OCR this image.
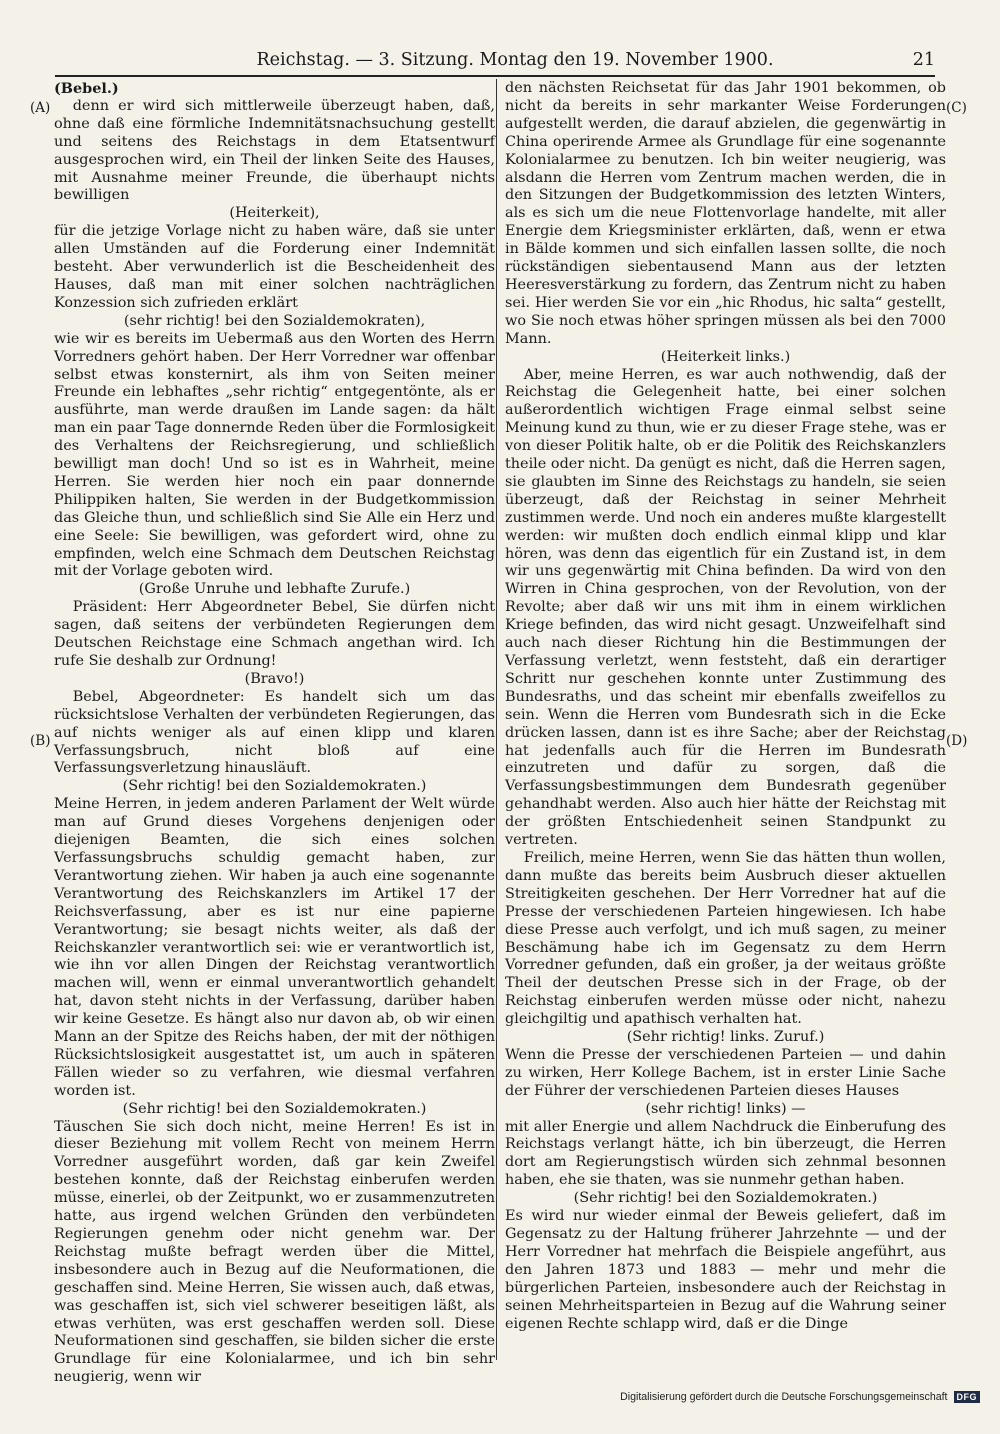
Reichstag. — 3. Sitzung. Montag den 19. November 1900.	21
(A)
(B)
(C)
(D)

(Bebel.)

denn er wird sich mittlerweile überzeugt haben, daß, ohne daß eine förmliche Indemnitätsnachsuchung gestellt und seitens des Reichstags in dem Etatsentwurf ausgesprochen wird, ein Theil der linken Seite des Hauses, mit Ausnahme meiner Freunde, die überhaupt nichts bewilligen

(Heiterkeit),

für die jetzige Vorlage nicht zu haben wäre, daß sie unter allen Umständen auf die Forderung einer Indemnität besteht. Aber verwunderlich ist die Bescheidenheit des Hauses, daß man mit einer solchen nachträglichen Konzession sich zufrieden erklärt

(sehr richtig! bei den Sozialdemokraten),

wie wir es bereits im Uebermaß aus den Worten des Herrn Vorredners gehört haben. Der Herr Vorredner war offenbar selbst etwas konsternirt, als ihm von Seiten meiner Freunde ein lebhaftes „sehr richtig“ entgegentönte, als er ausführte, man werde draußen im Lande sagen: da hält man ein paar Tage donnernde Reden über die Formlosigkeit des Verhaltens der Reichsregierung, und schließlich bewilligt man doch! Und so ist es in Wahrheit, meine Herren. Sie werden hier noch ein paar donnernde Philippiken halten, Sie werden in der Budgetkommission das Gleiche thun, und schließlich sind Sie Alle ein Herz und eine Seele: Sie bewilligen, was gefordert wird, ohne zu empfinden, welch eine Schmach dem Deutschen Reichstag mit der Vorlage geboten wird.

(Große Unruhe und lebhafte Zurufe.)

Präsident: Herr Abgeordneter Bebel, Sie dürfen nicht sagen, daß seitens der verbündeten Regierungen dem Deutschen Reichstage eine Schmach angethan wird. Ich rufe Sie deshalb zur Ordnung!

(Bravo!)

Bebel, Abgeordneter: Es handelt sich um das rücksichtslose Verhalten der verbündeten Regierungen, das auf nichts weniger als auf einen klipp und klaren Verfassungsbruch, nicht bloß auf eine Verfassungsverletzung hinausläuft.

(Sehr richtig! bei den Sozialdemokraten.)

Meine Herren, in jedem anderen Parlament der Welt würde man auf Grund dieses Vorgehens denjenigen oder diejenigen Beamten, die sich eines solchen Verfassungsbruchs schuldig gemacht haben, zur Verantwortung ziehen. Wir haben ja auch eine sogenannte Verantwortung des Reichskanzlers im Artikel 17 der Reichsverfassung, aber es ist nur eine papierne Verantwortung; sie besagt nichts weiter, als daß der Reichskanzler verantwortlich sei: wie er verantwortlich ist, wie ihn vor allen Dingen der Reichstag verantwortlich machen will, wenn er einmal unverantwortlich gehandelt hat, davon steht nichts in der Verfassung, darüber haben wir keine Gesetze. Es hängt also nur davon ab, ob wir einen Mann an der Spitze des Reichs haben, der mit der nöthigen Rücksichtslosigkeit ausgestattet ist, um auch in späteren Fällen wieder so zu verfahren, wie diesmal verfahren worden ist.

(Sehr richtig! bei den Sozialdemokraten.)

Täuschen Sie sich doch nicht, meine Herren! Es ist in dieser Beziehung mit vollem Recht von meinem Herrn Vorredner ausgeführt worden, daß gar kein Zweifel bestehen konnte, daß der Reichstag einberufen werden müsse, einerlei, ob der Zeitpunkt, wo er zusammenzutreten hatte, aus irgend welchen Gründen den verbündeten Regierungen genehm oder nicht genehm war. Der Reichstag mußte befragt werden über die Mittel, insbesondere auch in Bezug auf die Neuformationen, die geschaffen sind. Meine Herren, Sie wissen auch, daß etwas, was geschaffen ist, sich viel schwerer beseitigen läßt, als etwas verhüten, was erst geschaffen werden soll. Diese Neuformationen sind geschaffen, sie bilden sicher die erste Grundlage für eine Kolonialarmee, und ich bin sehr neugierig, wenn wir

den nächsten Reichsetat für das Jahr 1901 bekommen, ob nicht da bereits in sehr markanter Weise Forderungen aufgestellt werden, die darauf abzielen, die gegenwärtig in China operirende Armee als Grundlage für eine sogenannte Kolonialarmee zu benutzen. Ich bin weiter neugierig, was alsdann die Herren vom Zentrum machen werden, die in den Sitzungen der Budgetkommission des letzten Winters, als es sich um die neue Flottenvorlage handelte, mit aller Energie dem Kriegsminister erklärten, daß, wenn er etwa in Bälde kommen und sich einfallen lassen sollte, die noch rückständigen siebentausend Mann aus der letzten Heeresverstärkung zu fordern, das Zentrum nicht zu haben sei. Hier werden Sie vor ein „hic Rhodus, hic salta“ gestellt, wo Sie noch etwas höher springen müssen als bei den 7000 Mann.

(Heiterkeit links.)

Aber, meine Herren, es war auch nothwendig, daß der Reichstag die Gelegenheit hatte, bei einer solchen außerordentlich wichtigen Frage einmal selbst seine Meinung kund zu thun, wie er zu dieser Frage stehe, was er von dieser Politik halte, ob er die Politik des Reichskanzlers theile oder nicht. Da genügt es nicht, daß die Herren sagen, sie glaubten im Sinne des Reichstags zu handeln, sie seien überzeugt, daß der Reichstag in seiner Mehrheit zustimmen werde. Und noch ein anderes mußte klargestellt werden: wir mußten doch endlich einmal klipp und klar hören, was denn das eigentlich für ein Zustand ist, in dem wir uns gegenwärtig mit China befinden. Da wird von den Wirren in China gesprochen, von der Revolution, von der Revolte; aber daß wir uns mit ihm in einem wirklichen Kriege befinden, das wird nicht gesagt. Unzweifelhaft sind auch nach dieser Richtung hin die Bestimmungen der Verfassung verletzt, wenn feststeht, daß ein derartiger Schritt nur geschehen konnte unter Zustimmung des Bundesraths, und das scheint mir ebenfalls zweifellos zu sein. Wenn die Herren vom Bundesrath sich in die Ecke drücken lassen, dann ist es ihre Sache; aber der Reichstag hat jedenfalls auch für die Herren im Bundesrath einzutreten und dafür zu sorgen, daß die Verfassungsbestimmungen dem Bundesrath gegenüber gehandhabt werden. Also auch hier hätte der Reichstag mit der größten Entschiedenheit seinen Standpunkt zu vertreten.

Freilich, meine Herren, wenn Sie das hätten thun wollen, dann mußte das bereits beim Ausbruch dieser aktuellen Streitigkeiten geschehen. Der Herr Vorredner hat auf die Presse der verschiedenen Parteien hingewiesen. Ich habe diese Presse auch verfolgt, und ich muß sagen, zu meiner Beschämung habe ich im Gegensatz zu dem Herrn Vorredner gefunden, daß ein großer, ja der weitaus größte Theil der deutschen Presse sich in der Frage, ob der Reichstag einberufen werden müsse oder nicht, nahezu gleichgiltig und apathisch verhalten hat.

(Sehr richtig! links. Zuruf.)

Wenn die Presse der verschiedenen Parteien — und dahin zu wirken, Herr Kollege Bachem, ist in erster Linie Sache der Führer der verschiedenen Parteien dieses Hauses

(sehr richtig! links) —

mit aller Energie und allem Nachdruck die Einberufung des Reichstags verlangt hätte, ich bin überzeugt, die Herren dort am Regierungstisch würden sich zehnmal besonnen haben, ehe sie thaten, was sie nunmehr gethan haben.

(Sehr richtig! bei den Sozialdemokraten.)

Es wird nur wieder einmal der Beweis geliefert, daß im Gegensatz zu der Haltung früherer Jahrzehnte — und der Herr Vorredner hat mehrfach die Beispiele angeführt, aus den Jahren 1873 und 1883 — mehr und mehr die bürgerlichen Parteien, insbesondere auch der Reichstag in seinen Mehrheitsparteien in Bezug auf die Wahrung seiner eigenen Rechte schlapp wird, daß er die Dinge

Digitalisierung gefördert durch die Deutsche Forschungsgemeinschaft	DFG
